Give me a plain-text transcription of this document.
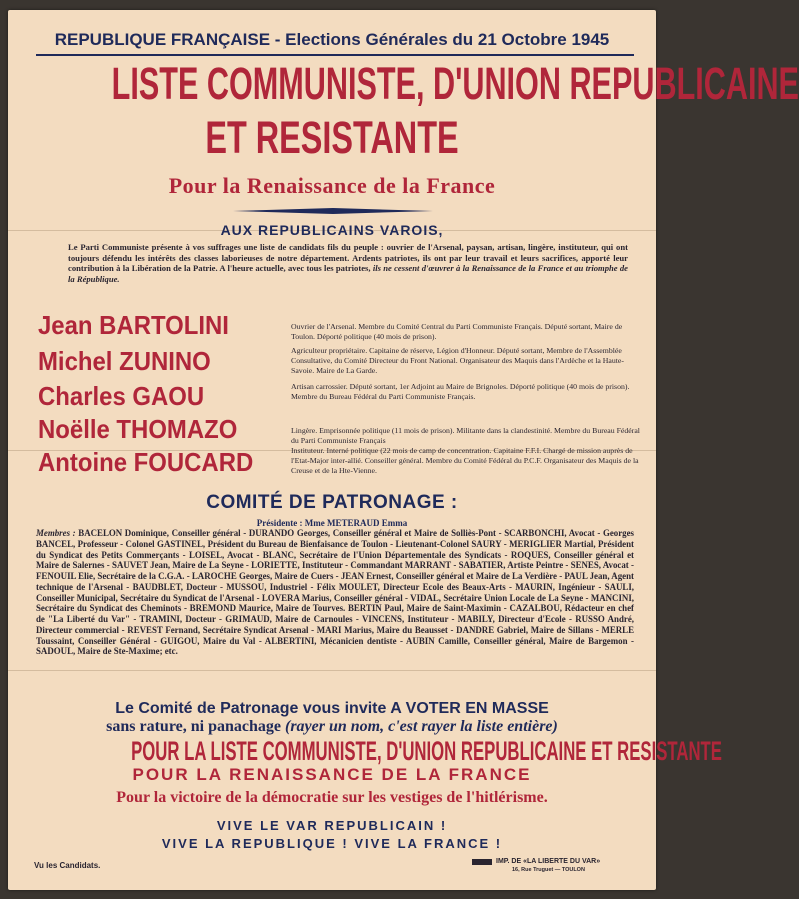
REPUBLIQUE FRANÇAISE - Elections Générales du 21 Octobre 1945
LISTE COMMUNISTE, D'UNION REPUBLICAINE
ET RESISTANTE
Pour la Renaissance de la France
AUX REPUBLICAINS VAROIS,
Le Parti Communiste présente à vos suffrages une liste de candidats fils du peuple : ouvrier de l'Arsenal, paysan, artisan, lingère, instituteur, qui ont toujours défendu les intérêts des classes laborieuses de notre département. Ardents patriotes, ils ont par leur travail et leurs sacrifices, apporté leur contribution à la Libération de la Patrie. A l'heure actuelle, avec tous les patriotes, ils ne cessent d'œuvrer à la Renaissance de la France et au triomphe de la République.
Jean BARTOLINI	Ouvrier de l'Arsenal. Membre du Comité Central du Parti Communiste Français. Député sortant, Maire de Toulon. Déporté politique (40 mois de prison).
Michel ZUNINO	Agriculteur propriétaire. Capitaine de réserve, Légion d'Honneur. Député sortant, Membre de l'Assemblée Consultative, du Comité Directeur du Front National. Organisateur des Maquis dans l'Ardèche et la Haute-Savoie. Maire de La Garde.
Charles GAOU	Artisan carrossier. Député sortant, 1er Adjoint au Maire de Brignoles. Déporté politique (40 mois de prison). Membre du Bureau Fédéral du Parti Communiste Français.
Noëlle THOMAZO	Lingère. Emprisonnée politique (11 mois de prison). Militante dans la clandestinité. Membre du Bureau Fédéral du Parti Communiste Français
Antoine FOUCARD	Instituteur. Interné politique (22 mois de camp de concentration. Capitaine F.F.I. Chargé de mission auprès de l'Etat-Major inter-allié. Conseiller général. Membre du Comité Fédéral du P.C.F. Organisateur des Maquis de la Creuse et de la Hte-Vienne.
COMITÉ DE PATRONAGE :
Présidente : Mme METERAUD Emma
Membres : BACELON Dominique, Conseiller général - DURANDO Georges, Conseiller général et Maire de Solliès-Pont - SCARBONCHI, Avocat - Georges BANCEL, Professeur - Colonel GASTINEL, Président du Bureau de Bienfaisance de Toulon - Lieutenant-Colonel SAURY - MERIGLIER Martial, Président du Syndicat des Petits Commerçants - LOISEL, Avocat - BLANC, Secrétaire de l'Union Départementale des Syndicats - ROQUES, Conseiller général et Maire de Salernes - SAUVET Jean, Maire de La Seyne - LORIETTE, Instituteur - Commandant MARRANT - SABATIER, Artiste Peintre - SENES, Avocat - FENOUIL Elie, Secrétaire de la C.G.A. - LAROCHE Georges, Maire de Cuers - JEAN Ernest, Conseiller général et Maire de La Verdière - PAUL Jean, Agent technique de l'Arsenal - BAUDBLET, Docteur - MUSSOU, Industriel - Félix MOULET, Directeur Ecole des Beaux-Arts - MAURIN, Ingénieur - SAULI, Conseiller Municipal, Secrétaire du Syndicat de l'Arsenal - LOVERA Marius, Conseiller général - VIDAL, Secrétaire Union Locale de La Seyne - MANCINI, Secrétaire du Syndicat des Cheminots - BREMOND Maurice, Maire de Tourves. BERTIN Paul, Maire de Saint-Maximin - CAZALBOU, Rédacteur en chef de "La Liberté du Var" - TRAMINI, Docteur - GRIMAUD, Maire de Carnoules - VINCENS, Instituteur - MABILY, Directeur d'Ecole - RUSSO André, Directeur commercial - REVEST Fernand, Secrétaire Syndicat Arsenal - MARI Marius, Maire du Beausset - DANDRE Gabriel, Maire de Sillans - MERLE Toussaint, Conseiller Général - GUIGOU, Maire du Val - ALBERTINI, Mécanicien dentiste - AUBIN Camille, Conseiller général, Maire de Bargemon - SADOUL, Maire de Ste-Maxime; etc.
Le Comité de Patronage vous invite A VOTER EN MASSE
sans rature, ni panachage (rayer un nom, c'est rayer la liste entière)
POUR LA LISTE COMMUNISTE, D'UNION REPUBLICAINE ET RESISTANTE
POUR LA RENAISSANCE DE LA FRANCE
Pour la victoire de la démocratie sur les vestiges de l'hitlérisme.
VIVE LE VAR REPUBLICAIN !
VIVE LA REPUBLIQUE ! VIVE LA FRANCE !
Vu les Candidats.	IMP. DE «LA LIBERTE DU VAR»
16, Rue Truguet — TOULON
